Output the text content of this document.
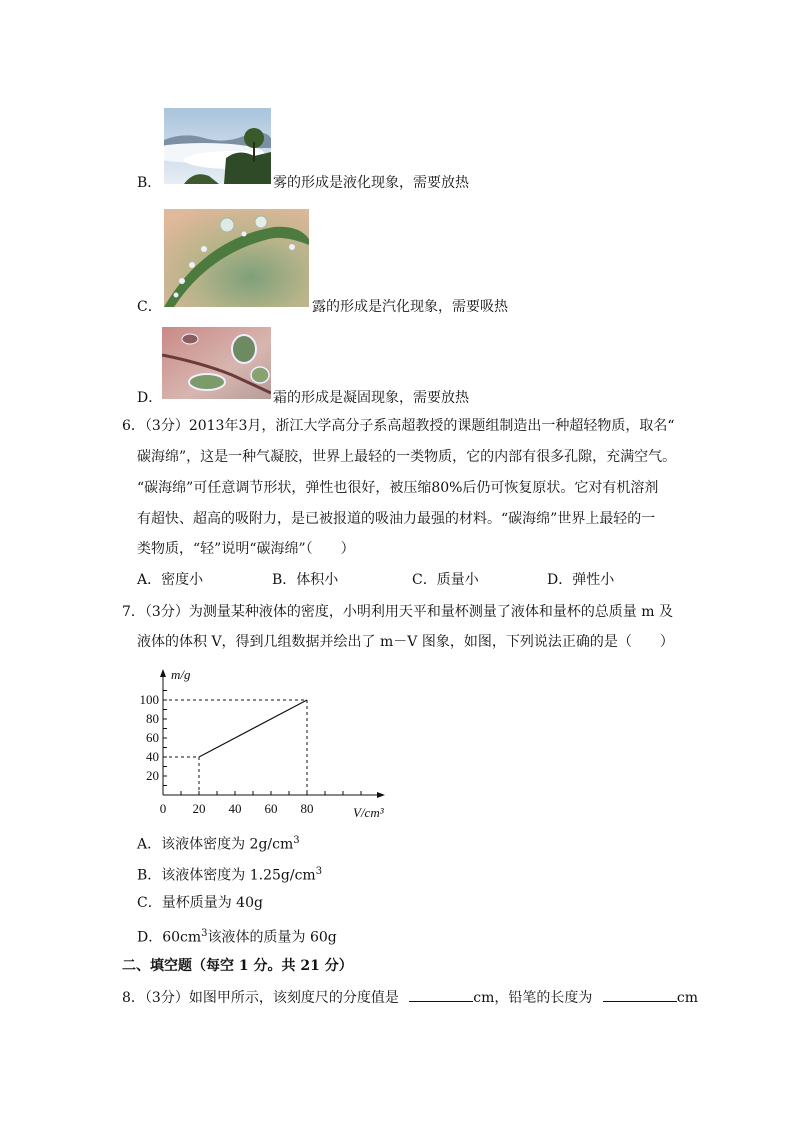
B．	雾的形成是液化现象，需要放热
C．	露的形成是汽化现象，需要吸热
D．	霜的形成是凝固现象，需要放热
6．（3分）2013年3月，浙江大学高分子系高超教授的课题组制造出一种超轻物质，取名“
碳海绵”，这是一种气凝胶，世界上最轻的一类物质，它的内部有很多孔隙，充满空气。
“碳海绵”可任意调节形状，弹性也很好，被压缩80%后仍可恢复原状。它对有机溶剂
有超快、超高的吸附力，是已被报道的吸油力最强的材料。“碳海绵”世界上最轻的一
类物质，“轻”说明“碳海绵”（　　）
A．密度小	B．体积小	C．质量小	D．弹性小
7．（3分）为测量某种液体的密度，小明利用天平和量杯测量了液体和量杯的总质量 m 及
液体的体积 V，得到几组数据并绘出了 m－V 图象，如图，下列说法正确的是（　　）
20 40 60 80
20
40
60
80
100
0
m/g
V/cm³
A．该液体密度为 $2g/cm^3$
B．该液体密度为 $1.25g/cm^3$
C．量杯质量为 40g
D．$60cm^3$该液体的质量为 60g
二、填空题（每空 1 分。共 21 分）
8．（3分）如图甲所示，该刻度尺的分度值是	cm，铅笔的长度为	cm
